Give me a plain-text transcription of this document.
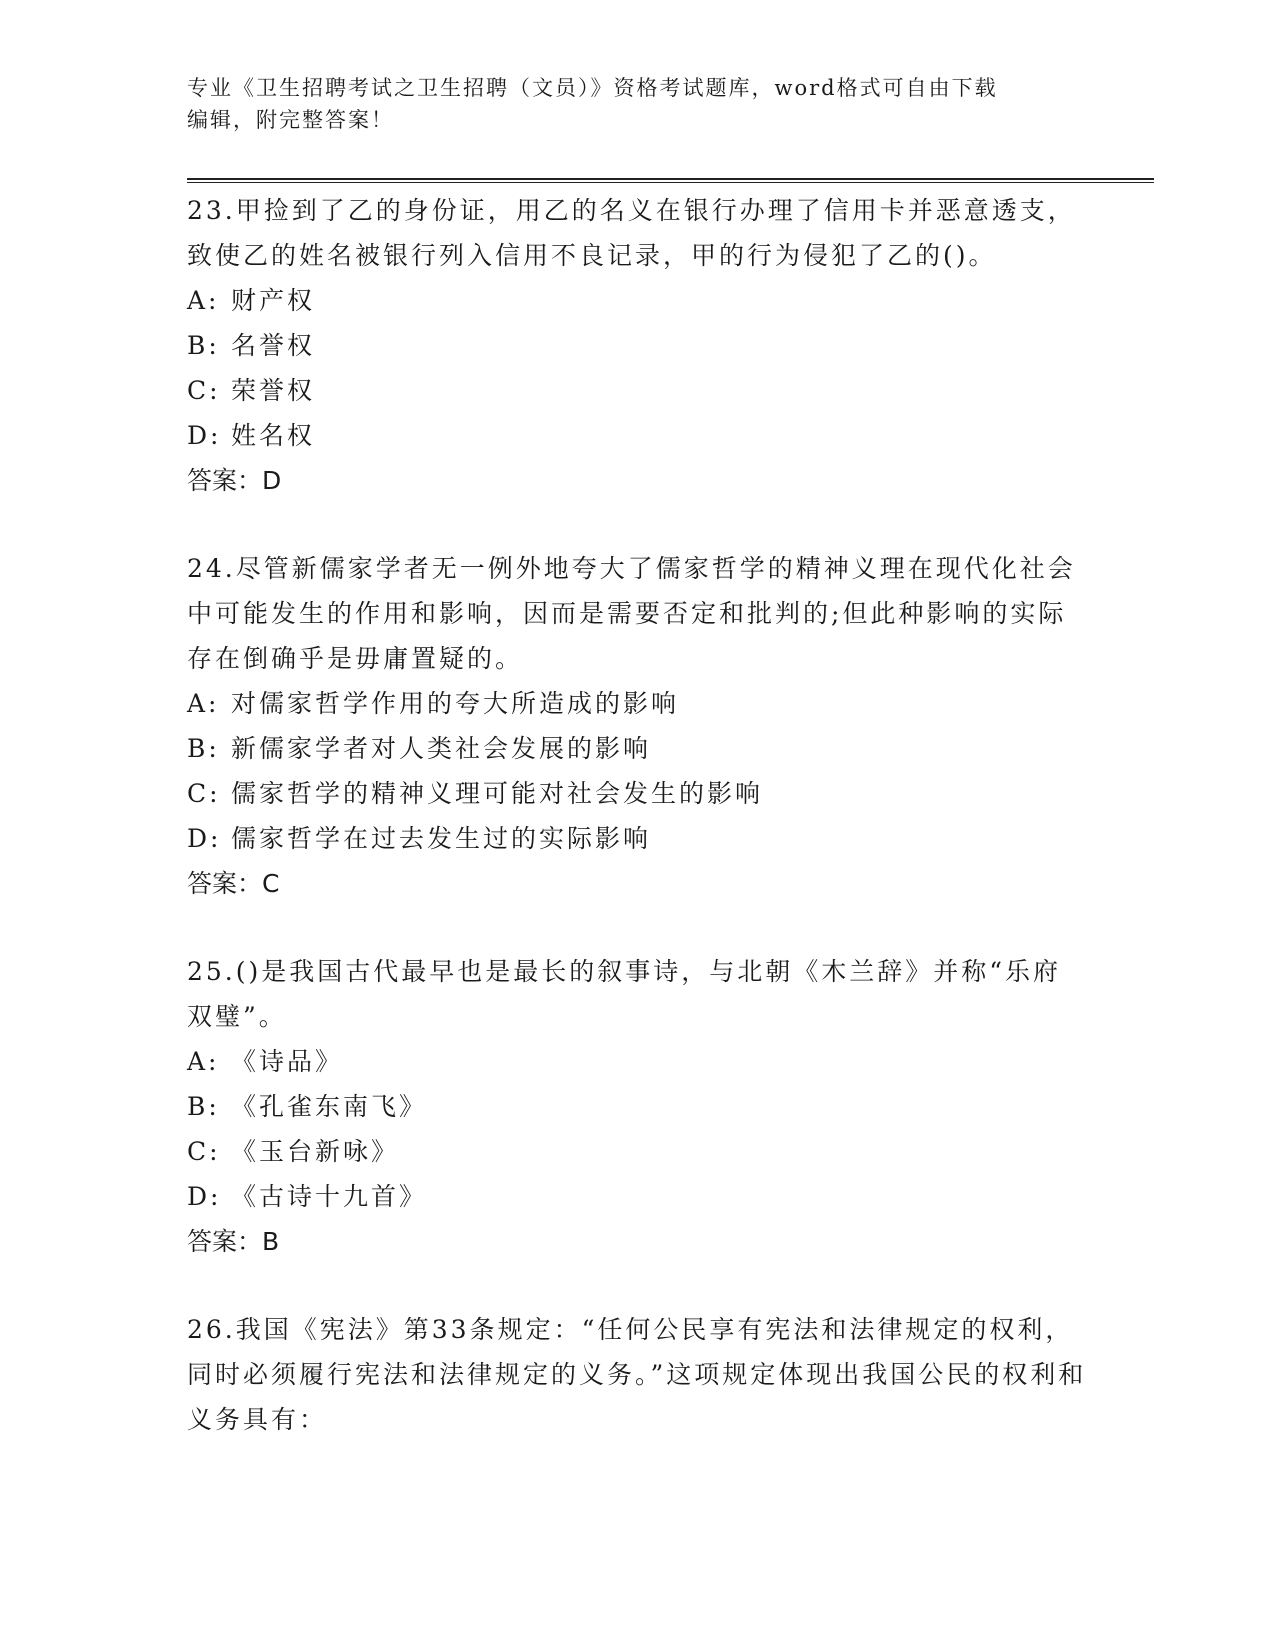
专业《卫生招聘考试之卫生招聘（文员）》资格考试题库，word格式可自由下载
编辑，附完整答案！

23.甲捡到了乙的身份证，用乙的名义在银行办理了信用卡并恶意透支，致使乙的姓名被银行列入信用不良记录，甲的行为侵犯了乙的()。

A: 财产权

B: 名誉权

C: 荣誉权

D: 姓名权

答案：D

24.尽管新儒家学者无一例外地夸大了儒家哲学的精神义理在现代化社会中可能发生的作用和影响，因而是需要否定和批判的;但此种影响的实际存在倒确乎是毋庸置疑的。

A: 对儒家哲学作用的夸大所造成的影响

B: 新儒家学者对人类社会发展的影响

C: 儒家哲学的精神义理可能对社会发生的影响

D: 儒家哲学在过去发生过的实际影响

答案：C

25.()是我国古代最早也是最长的叙事诗，与北朝《木兰辞》并称“乐府双璧”。

A: 《诗品》

B: 《孔雀东南飞》

C: 《玉台新咏》

D: 《古诗十九首》

答案：B

26.我国《宪法》第33条规定：“任何公民享有宪法和法律规定的权利，同时必须履行宪法和法律规定的义务。”这项规定体现出我国公民的权利和义务具有：
